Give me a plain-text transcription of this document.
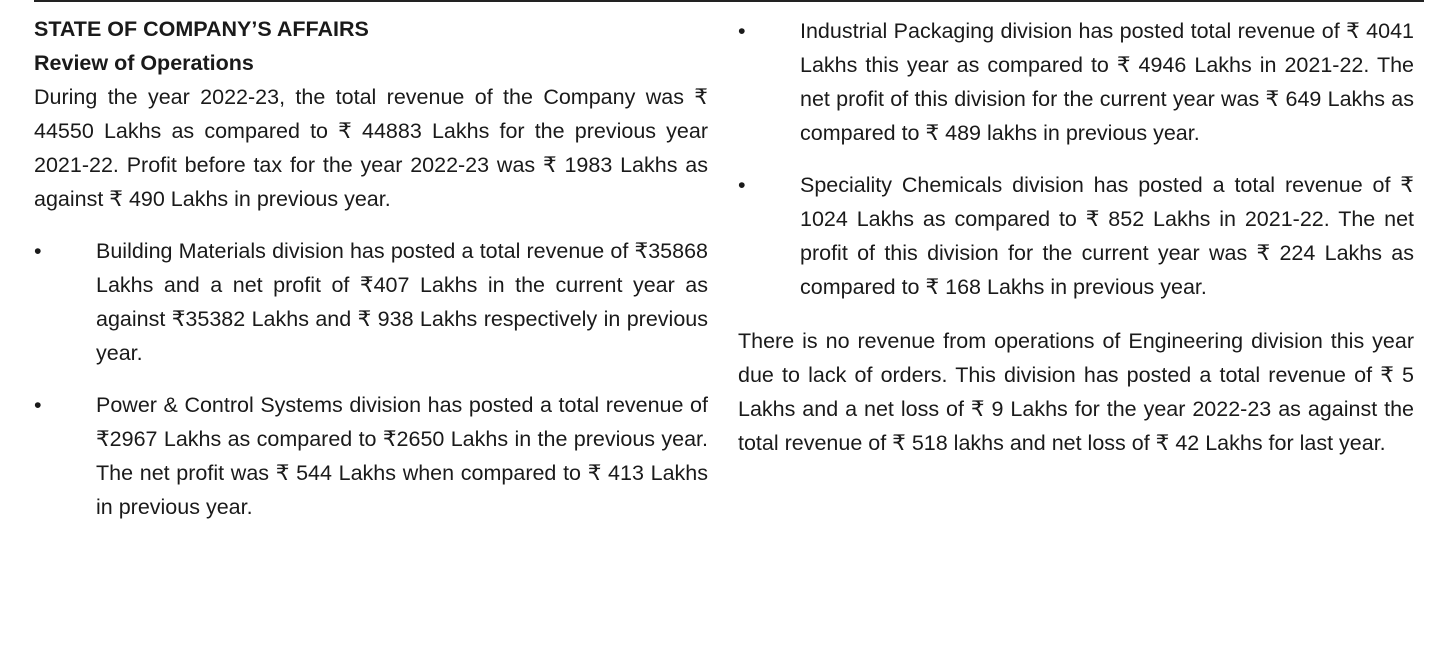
STATE OF COMPANY’S AFFAIRS

Review of Operations

During the year 2022-23, the total revenue of the Company was ₹ 44550 Lakhs as compared to ₹ 44883 Lakhs for the previous year 2021-22. Profit before tax for the year 2022-23 was ₹ 1983 Lakhs as against ₹ 490 Lakhs in previous year.

•	Building Materials division has posted a total revenue of ₹35868 Lakhs and a net profit of ₹407 Lakhs in the current year as against ₹35382 Lakhs and ₹ 938 Lakhs respectively in previous year.
•	Power & Control Systems division has posted a total revenue of ₹2967 Lakhs as compared to ₹2650 Lakhs in the previous year. The net profit was ₹ 544 Lakhs when compared to ₹ 413 Lakhs in previous year.
•	Industrial Packaging division has posted total revenue of ₹ 4041 Lakhs this year as compared to ₹ 4946 Lakhs in 2021-22. The net profit of this division for the current year was ₹ 649 Lakhs as compared to ₹ 489 lakhs in previous year.
•	Speciality Chemicals division has posted a total revenue of ₹ 1024 Lakhs as compared to ₹ 852 Lakhs in 2021-22. The net profit of this division for the current year was ₹ 224 Lakhs as compared to ₹ 168 Lakhs in previous year.

There is no revenue from operations of Engineering division this year due to lack of orders. This division has posted a total revenue of ₹ 5 Lakhs and a net loss of ₹ 9 Lakhs for the year 2022-23 as against the total revenue of ₹ 518 lakhs and net loss of ₹ 42 Lakhs for last year.
